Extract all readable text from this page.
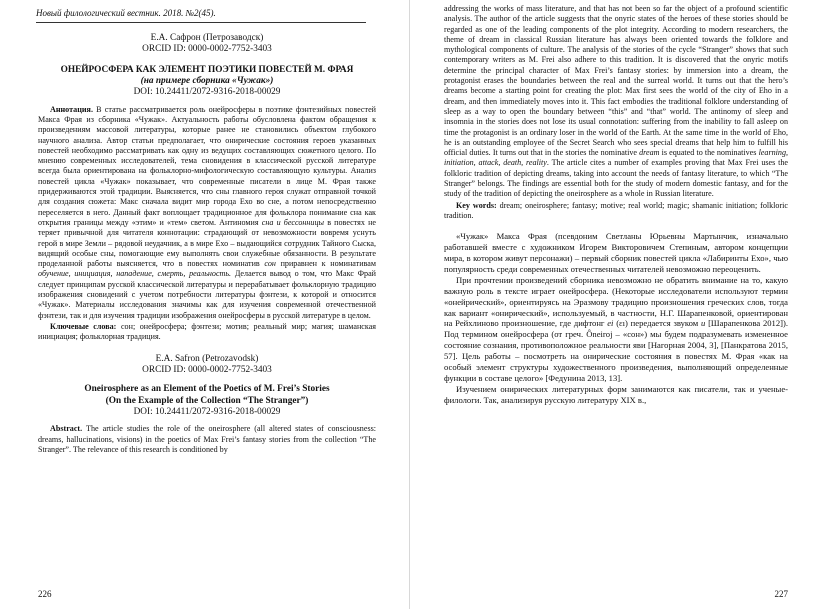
Новый филологический вестник. 2018. №2(45).
Е.А. Сафрон (Петрозаводск)
ORCID ID: 0000-0002-7752-3403
ОНЕЙРОСФЕРА КАК ЭЛЕМЕНТ ПОЭТИКИ ПОВЕСТЕЙ М. ФРАЯ
(на примере сборника «Чужак»)
DOI: 10.24411/2072-9316-2018-00029

Аннотация. В статье рассматривается роль онейросферы в поэтике фэнтезийных повестей Макса Фрая из сборника «Чужак». Актуальность работы обусловлена фактом обращения к произведениям массовой литературы, которые ранее не становились объектом глубокого научного анализа. Автор статьи предполагает, что онирические состояния героев указанных повестей необходимо рассматривать как одну из ведущих составляющих сюжетного целого. По мнению современных исследователей, тема сновидения в классической русской литературе всегда была ориентирована на фольклорно-мифологическую составляющую культуры. Анализ повестей цикла «Чужак» показывает, что современные писатели в лице М. Фрая также придерживаются этой традиции. Выясняется, что сны главного героя служат отправной точкой для создания сюжета: Макс сначала видит мир города Ехо во сне, а потом непосредственно переселяется в него. Данный факт воплощает традиционное для фольклора понимание сна как открытия границы между «этим» и «тем» светом. Антиномия сна и бессонницы в повестях не теряет привычной для читателя коннотации: страдающий от невозможности вовремя уснуть герой в мире Земли – рядовой неудачник, а в мире Ехо – выдающийся сотрудник Тайного Сыска, видящий особые сны, помогающие ему выполнять свои служебные обязанности. В результате проделанной работы выясняется, что в повестях номинатив сон приравнен к номинативам обучение, инициация, нападение, смерть, реальность. Делается вывод о том, что Макс Фрай следует принципам русской классической литературы и перерабатывает фольклорную традицию изображения сновидений с учетом потребности литературы фэнтези, к которой и относится «Чужак». Материалы исследования значимы как для изучения современной отечественной фэнтези, так и для изучения традиции изображения онейросферы в русской литературе в целом.

Ключевые слова: сон; онейросфера; фэнтези; мотив; реальный мир; магия; шаманская инициация; фольклорная традиция.

E.A. Safron (Petrozavodsk)
ORCID ID: 0000-0002-7752-3403
Oneirosphere as an Element of the Poetics of M. Frei’s Stories
(On the Example of the Collection “The Stranger”)
DOI: 10.24411/2072-9316-2018-00029

Abstract. The article studies the role of the oneirosphere (all altered states of consciousness: dreams, hallucinations, visions) in the poetics of Max Frei’s fantasy stories from the collection “The Stranger”. The relevance of this research is conditioned by

226

addressing the works of mass literature, and that has not been so far the object of a profound scientific analysis. The author of the article suggests that the onyric states of the heroes of these stories should be regarded as one of the leading components of the plot integrity. According to modern researchers, the theme of dream in classical Russian literature has always been oriented towards the folklore and mythological components of culture. The analysis of the stories of the cycle “Stranger” shows that such contemporary writers as M. Frei also adhere to this tradition. It is discovered that the onyric motifs determine the principal character of Max Frei’s fantasy stories: by immersion into a dream, the protagonist erases the boundaries between the real and the surreal world. It turns out that the hero’s dreams become a starting point for creating the plot: Max first sees the world of the city of Eho in a dream, and then immediately moves into it. This fact embodies the traditional folklore understanding of sleep as a way to open the boundary between “this” and “that” world. The antinomy of sleep and insomnia in the stories does not lose its usual connotation: suffering from the inability to fall asleep on time the protagonist is an ordinary loser in the world of the Earth. At the same time in the world of Eho, he is an outstanding employee of the Secret Search who sees special dreams that help him to fulfill his official duties. It turns out that in the stories the nominative dream is equated to the nominatives learning, initiation, attack, death, reality. The article cites a number of examples proving that Max Frei uses the folkloric tradition of depicting dreams, taking into account the needs of fantasy literature, to which “The Stranger” belongs. The findings are essential both for the study of modern domestic fantasy, and for the study of the tradition of depicting the oneirosphere as a whole in Russian literature.

Key words: dream; oneirosphere; fantasy; motive; real world; magic; shamanic initiation; folkloric tradition.

«Чужак» Макса Фрая (псевдоним Светланы Юрьевны Мартынчик, изначально работавшей вместе с художником Игорем Викторовичем Степиным, автором концепции мира, в котором живут персонажи) – первый сборник повестей цикла «Лабиринты Ехо», чью популярность среди современных отечественных читателей невозможно переоценить.

При прочтении произведений сборника невозможно не обратить внимание на то, какую важную роль в тексте играет онейросфера. (Некоторые исследователи используют термин «онейрический», ориентируясь на Эразмову традицию произношения греческих слов, тогда как вариант «онирический», используемый, в частности, Н.Г. Шарапенковой, ориентирован на Рейхлиново произношение, где дифтонг ei (ɛı) передается звуком и [Шарапенкова 2012]). Под термином онейросфера (от греч. Ȏneiroj – «сон») мы будем подразумевать измененное состояние сознания, противоположное реальности яви [Нагорная 2004, 3], [Панкратова 2015, 57]. Цель работы – посмотреть на онирические состояния в повестях М. Фрая «как на особый элемент структуры художественного произведения, выполняющий определенные функции в составе целого» [Федунина 2013, 13].

Изучением онирических литературных форм занимаются как писатели, так и ученые-филологи. Так, анализируя русскую литературу XIX в.,

227
